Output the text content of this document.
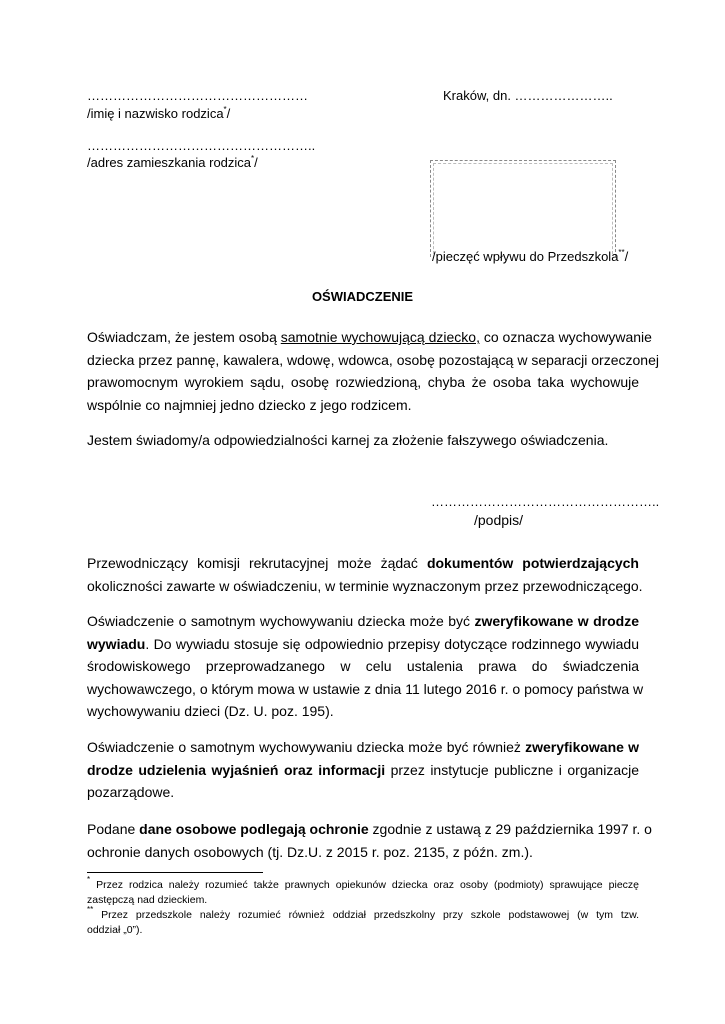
……………………………………………
/imię i nazwisko rodzica*/
……………………………………………..
/adres zamieszkania rodzica*/
Kraków, dn. …………………..
/pieczęć wpływu do Przedszkola**/
OŚWIADCZENIE
Oświadczam, że jestem osobą samotnie wychowującą dziecko, co oznacza wychowywanie
dziecka przez pannę, kawalera, wdowę, wdowca, osobę pozostającą w separacji orzeczonej
prawomocnym wyrokiem sądu, osobę rozwiedzioną, chyba że osoba taka wychowuje
wspólnie co najmniej jedno dziecko z jego rodzicem.
Jestem świadomy/a odpowiedzialności karnej za złożenie fałszywego oświadczenia.
……………………………………………..
/podpis/
Przewodniczący komisji rekrutacyjnej może żądać dokumentów potwierdzających
okoliczności zawarte w oświadczeniu, w terminie wyznaczonym przez przewodniczącego.
Oświadczenie o samotnym wychowywaniu dziecka może być zweryfikowane w drodze
wywiadu. Do wywiadu stosuje się odpowiednio przepisy dotyczące rodzinnego wywiadu
środowiskowego przeprowadzanego w celu ustalenia prawa do świadczenia
wychowawczego, o którym mowa w ustawie z dnia 11 lutego 2016 r. o pomocy państwa w
wychowywaniu dzieci (Dz. U. poz. 195).
Oświadczenie o samotnym wychowywaniu dziecka może być również zweryfikowane w
drodze udzielenia wyjaśnień oraz informacji przez instytucje publiczne i organizacje
pozarządowe.
Podane dane osobowe podlegają ochronie zgodnie z ustawą z 29 października 1997 r. o
ochronie danych osobowych (tj. Dz.U. z 2015 r. poz. 2135, z późn. zm.).
* Przez rodzica należy rozumieć także prawnych opiekunów dziecka oraz osoby (podmioty) sprawujące pieczę
zastępczą nad dzieckiem.
** Przez przedszkole należy rozumieć również oddział przedszkolny przy szkole podstawowej (w tym tzw.
oddział „0”).
